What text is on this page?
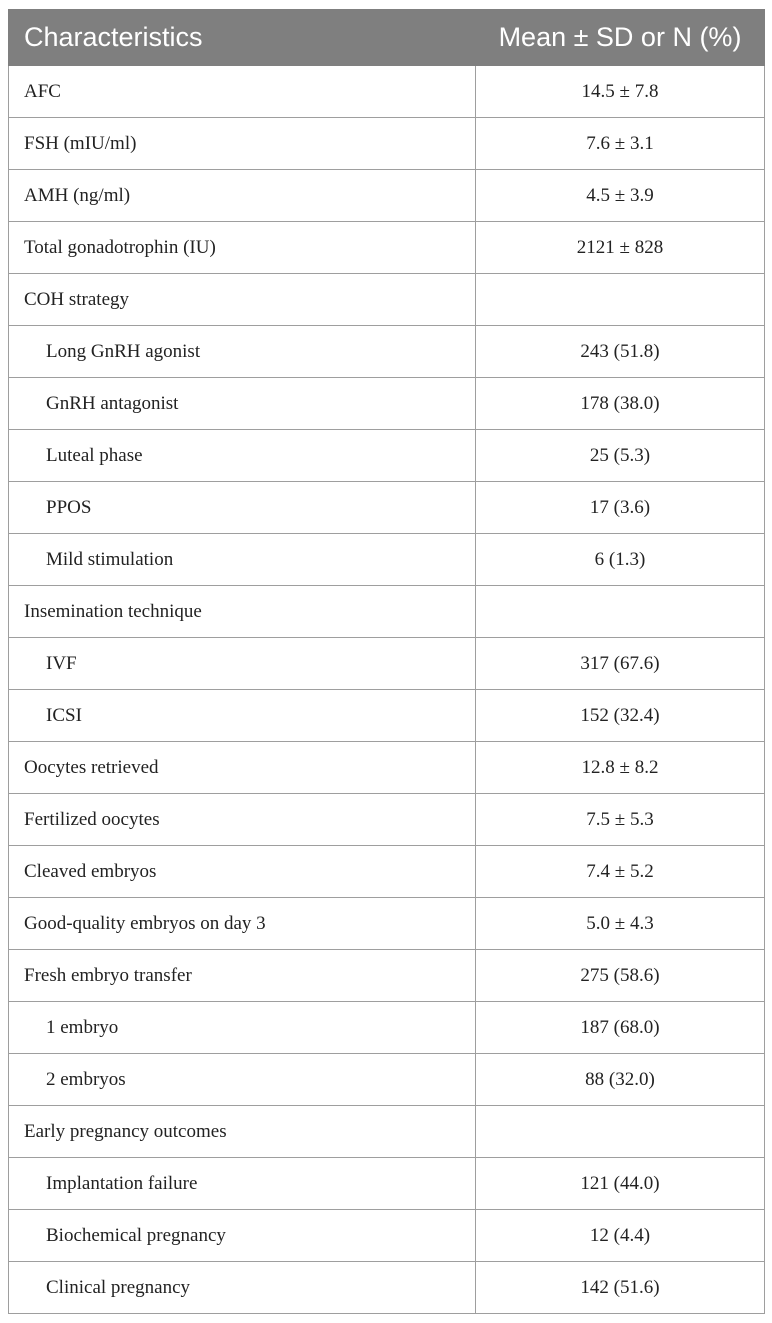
Characteristics	Mean ± SD or N (%)
AFC	14.5 ± 7.8
FSH (mIU/ml)	7.6 ± 3.1
AMH (ng/ml)	4.5 ± 3.9
Total gonadotrophin (IU)	2121 ± 828
COH strategy	
Long GnRH agonist	243 (51.8)
GnRH antagonist	178 (38.0)
Luteal phase	25 (5.3)
PPOS	17 (3.6)
Mild stimulation	6 (1.3)
Insemination technique	
IVF	317 (67.6)
ICSI	152 (32.4)
Oocytes retrieved	12.8 ± 8.2
Fertilized oocytes	7.5 ± 5.3
Cleaved embryos	7.4 ± 5.2
Good-quality embryos on day 3	5.0 ± 4.3
Fresh embryo transfer	275 (58.6)
1 embryo	187 (68.0)
2 embryos	88 (32.0)
Early pregnancy outcomes	
Implantation failure	121 (44.0)
Biochemical pregnancy	12 (4.4)
Clinical pregnancy	142 (51.6)
